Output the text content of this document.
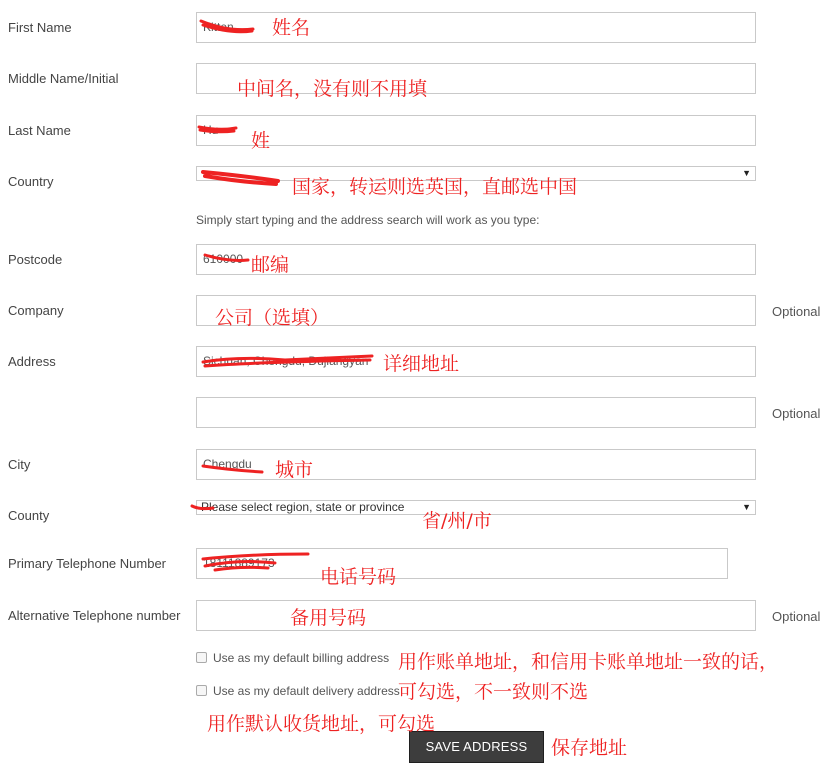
First Name
Middle Name/Initial
Last Name
Country
Postcode
Company
Address
City
County
Primary Telephone Number
Alternative Telephone number
Kitten
Hu
▼
Simply start typing and the address search will work as you type:
610000
Optional
Sichuan, Chengdu, Dujiangyan
Optional
Chengdu
Please select region, state or province	▼
18111889173
Optional
Use as my default billing address
Use as my default delivery address
SAVE ADDRESS
姓名
中间名，没有则不用填
姓
国家，转运则选英国，直邮选中国
邮编
公司（选填）
详细地址
城市
省/州/市
电话号码
备用号码
用作账单地址，和信用卡账单地址一致的话，
可勾选，不一致则不选
用作默认收货地址，可勾选
保存地址
